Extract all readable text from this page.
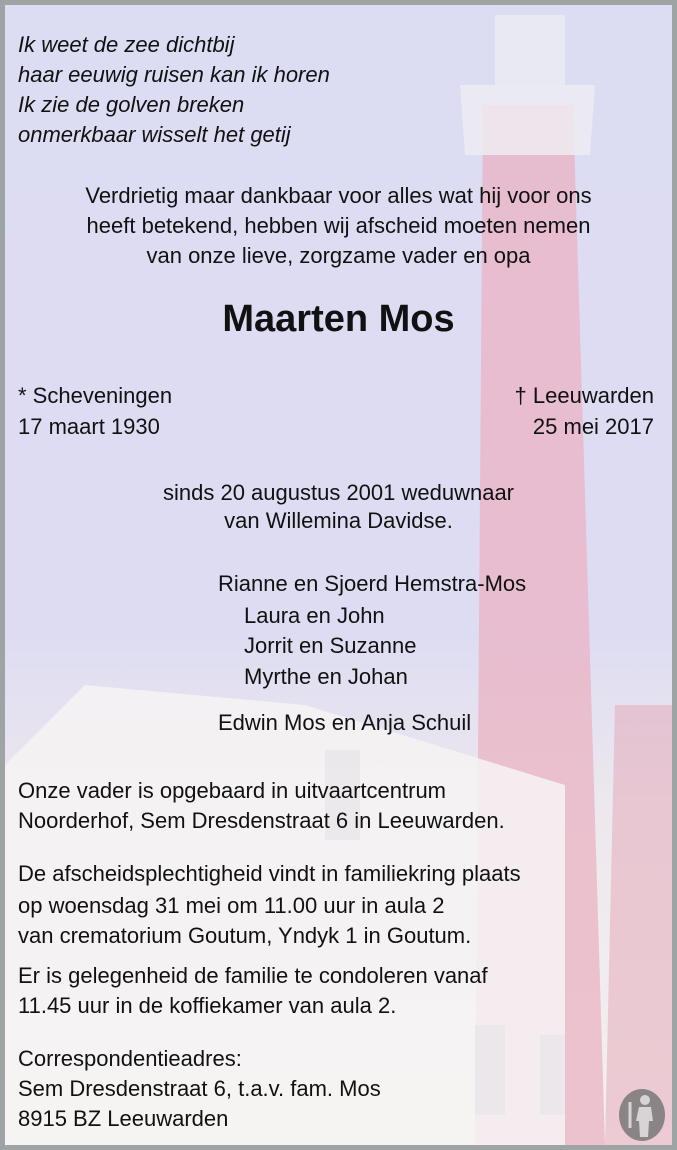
Ik weet de zee dichtbij
haar eeuwig ruisen kan ik horen
Ik zie de golven breken
onmerkbaar wisselt het getij
Verdrietig maar dankbaar voor alles wat hij voor ons
heeft betekend, hebben wij afscheid moeten nemen
van onze lieve, zorgzame vader en opa
Maarten Mos
* Scheveningen
17 maart 1930
† Leeuwarden
25 mei 2017
sinds 20 augustus 2001 weduwnaar
van Willemina Davidse.
Rianne en Sjoerd Hemstra-Mos
Laura en John
Jorrit en Suzanne
Myrthe en Johan
Edwin Mos en Anja Schuil
Onze vader is opgebaard in uitvaartcentrum
Noorderhof, Sem Dresdenstraat 6 in Leeuwarden.
De afscheidsplechtigheid vindt in familiekring plaats
op woensdag 31 mei om 11.00 uur in aula 2
van crematorium Goutum, Yndyk 1 in Goutum.
Er is gelegenheid de familie te condoleren vanaf
11.45 uur in de koffiekamer van aula 2.
Correspondentieadres:
Sem Dresdenstraat 6, t.a.v. fam. Mos
8915 BZ Leeuwarden
